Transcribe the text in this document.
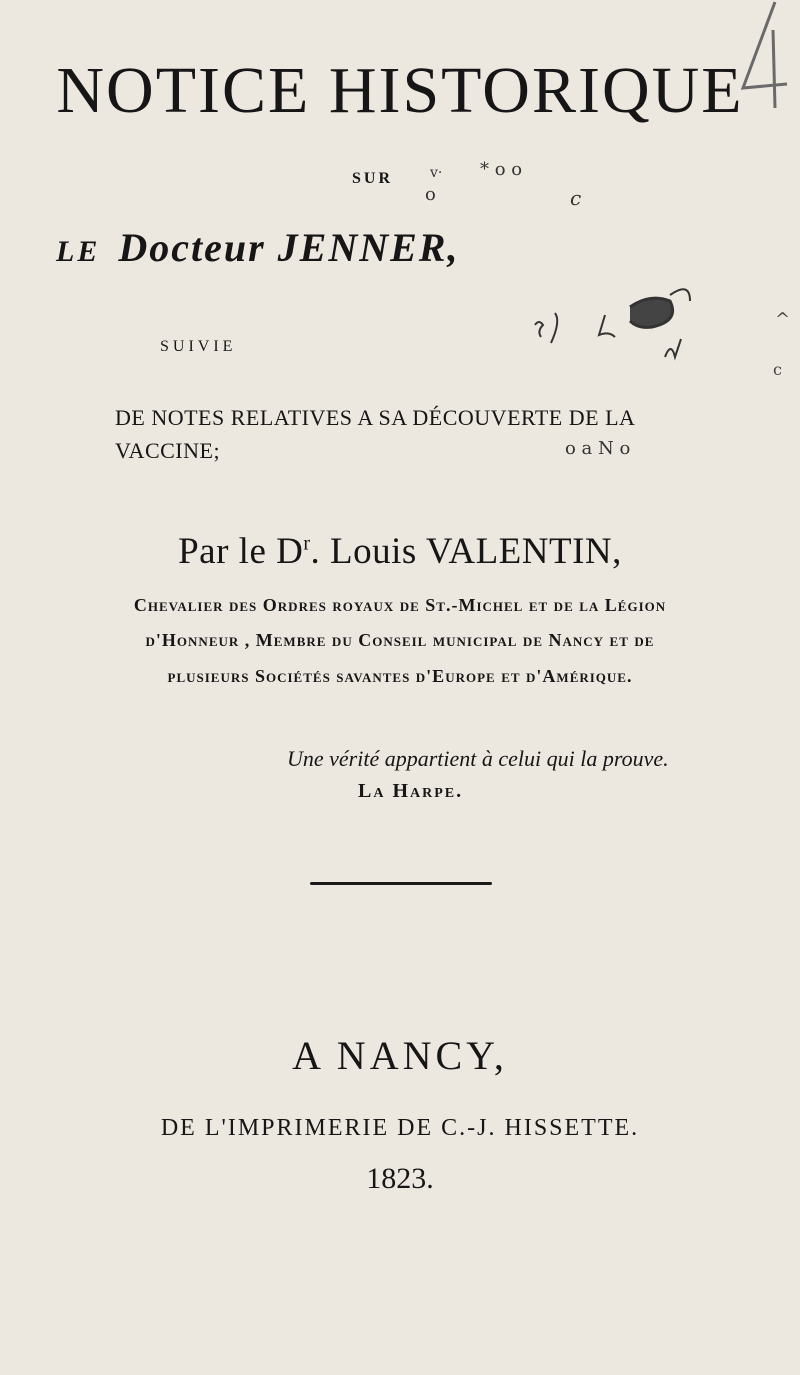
NOTICE HISTORIQUE
SUR	v· * o o
o	c
LE Docteur JENNER,
SUIVIE
^
c
DE NOTES RELATIVES A SA DÉCOUVERTE DE LA
VACCINE;	o a N o
Par le $D^r$. Louis VALENTIN,
Chevalier des Ordres royaux de St.-Michel et de la Légion
d'Honneur , Membre du Conseil municipal de Nancy et de
plusieurs Sociétés savantes d'Europe et d'Amérique.
Une vérité appartient à celui qui la prouve.
La Harpe.
A NANCY,
DE L'IMPRIMERIE DE C.-J. HISSETTE.
1823.
